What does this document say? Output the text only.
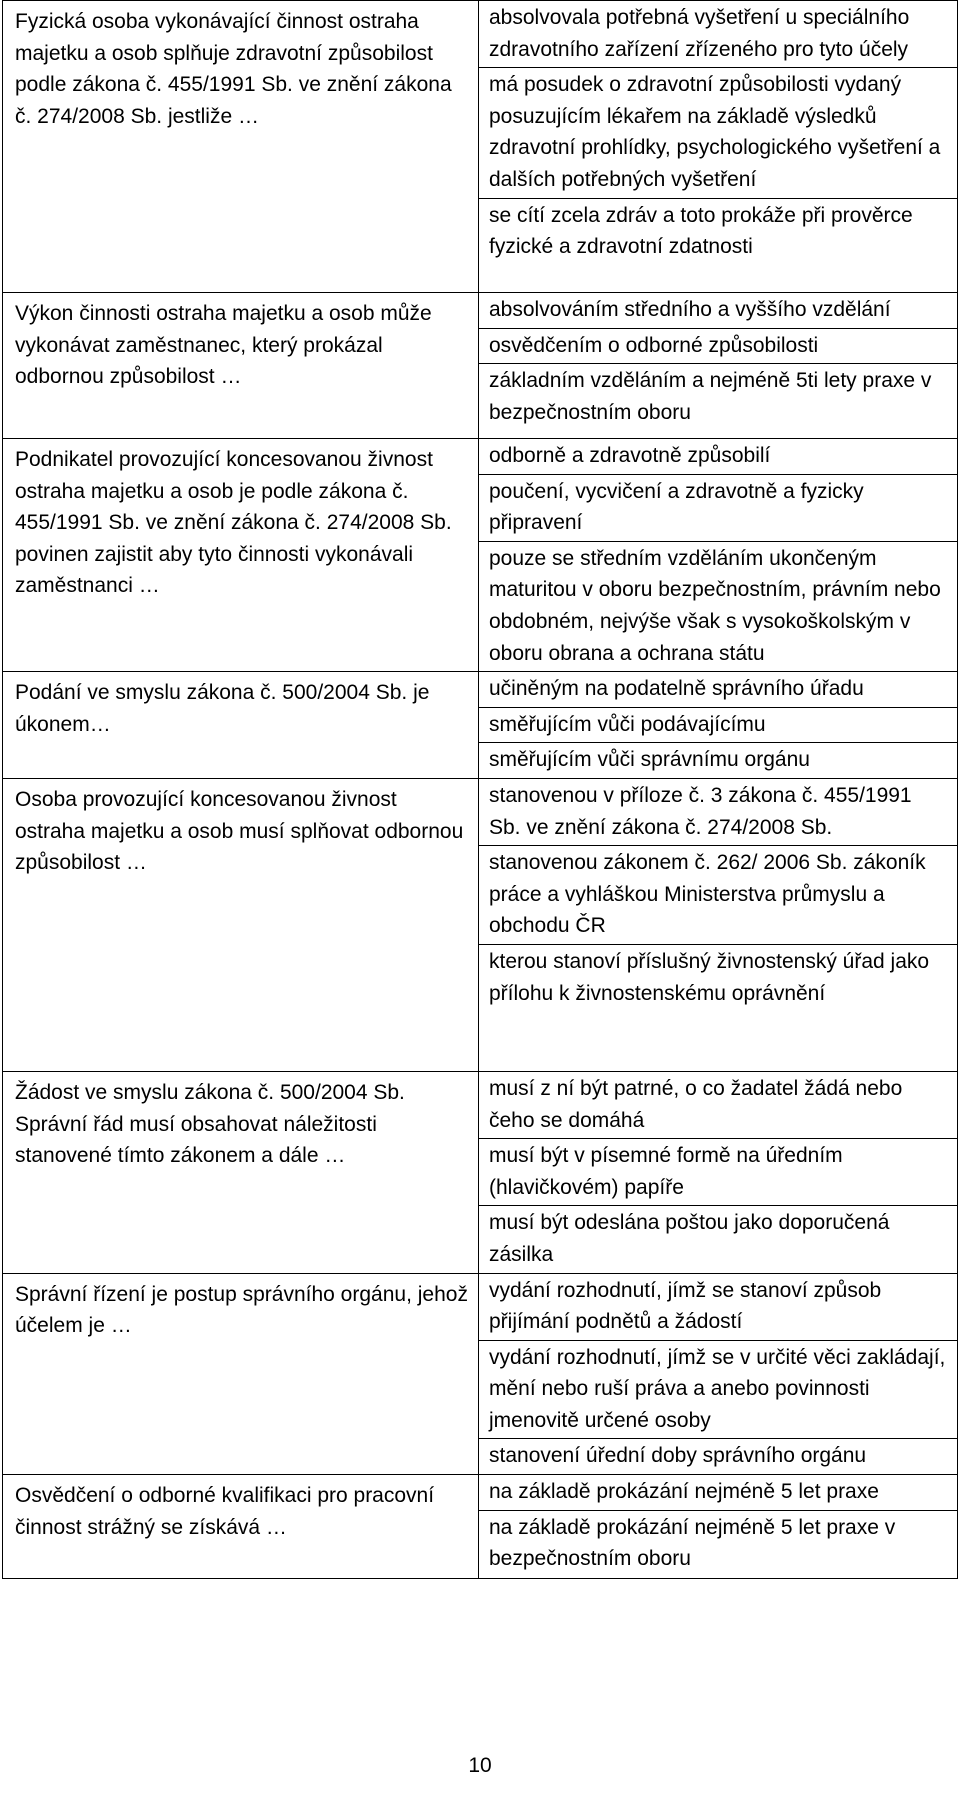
Fyzická osoba vykonávající činnost ostraha majetku a osob splňuje zdravotní způsobilost podle zákona č. 455/1991 Sb. ve znění zákona č. 274/2008 Sb. jestliže …	absolvovala potřebná vyšetření u speciálního zdravotního zařízení zřízeného pro tyto účely
má posudek o zdravotní způsobilosti vydaný posuzujícím lékařem na základě výsledků zdravotní prohlídky, psychologického vyšetření a dalších potřebných vyšetření
se cítí zcela zdráv a toto prokáže při prověrce fyzické a zdravotní zdatnosti

Výkon činnosti ostraha majetku a osob může vykonávat zaměstnanec, který prokázal odbornou způsobilost …	absolvováním středního a vyššího vzdělání
osvědčením o odborné způsobilosti
základním vzděláním a nejméně 5ti lety praxe v bezpečnostním oboru

Podnikatel provozující koncesovanou živnost ostraha majetku a osob je podle zákona č. 455/1991 Sb. ve znění zákona č. 274/2008 Sb. povinen zajistit aby tyto činnosti vykonávali zaměstnanci …	odborně a zdravotně způsobilí
poučení, vycvičení a zdravotně a fyzicky připravení
pouze se středním vzděláním ukončeným maturitou v oboru bezpečnostním, právním nebo obdobném, nejvýše však s vysokoškolským v oboru obrana a ochrana státu

Podání ve smyslu zákona č. 500/2004 Sb. je úkonem…	učiněným na podatelně správního úřadu
směřujícím vůči podávajícímu
směřujícím vůči správnímu orgánu

Osoba provozující koncesovanou živnost ostraha majetku a osob musí splňovat odbornou způsobilost …	stanovenou v příloze č. 3 zákona č. 455/1991 Sb. ve znění zákona č. 274/2008 Sb.
stanovenou zákonem č. 262/ 2006 Sb. zákoník práce a vyhláškou Ministerstva průmyslu a obchodu ČR
kterou stanoví příslušný živnostenský úřad jako přílohu k živnostenskému oprávnění

Žádost ve smyslu zákona č. 500/2004 Sb. Správní řád musí obsahovat náležitosti stanovené tímto zákonem a dále …	musí z ní být patrné, o co žadatel žádá nebo čeho se domáhá
musí být v písemné formě na úředním (hlavičkovém) papíře
musí být odeslána poštou jako doporučená zásilka

Správní řízení je postup správního orgánu, jehož účelem je …	vydání rozhodnutí, jímž se stanoví způsob přijímání podnětů a žádostí
vydání rozhodnutí, jímž se v určité věci zakládají, mění nebo ruší práva a anebo povinnosti jmenovitě určené osoby
stanovení úřední doby správního orgánu

Osvědčení o odborné kvalifikaci pro pracovní činnost strážný se získává …	na základě prokázání nejméně 5 let praxe
na základě prokázání nejméně 5 let praxe v bezpečnostním oboru
10
